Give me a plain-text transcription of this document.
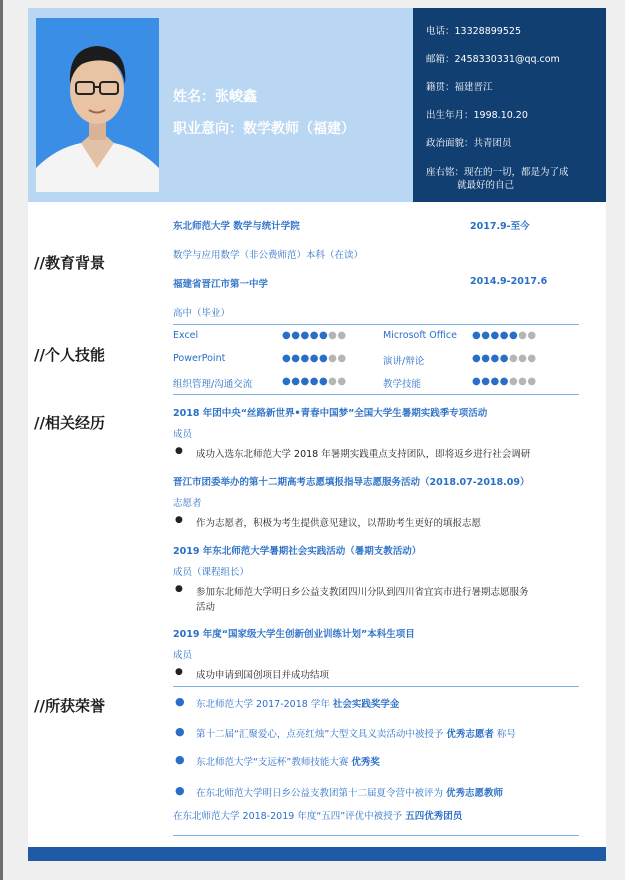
姓名：张峻鑫
职业意向：数学教师（福建）
电话：13328899525
邮箱：2458330331@qq.com
籍贯：福建晋江
出生年月：1998.10.20
政治面貌：共青团员
座右铭：现在的一切，都是为了成
就最好的自己
//教育背景
//个人技能
//相关经历
//所获荣誉
东北师范大学 数学与统计学院	2017.9-至今
数学与应用数学（非公费师范）本科（在读）
福建省晋江市第一中学	2014.9-2017.6
高中（毕业）
Excel	●●●●●●●	Microsoft Office ●●●●●●●
PowerPoint	●●●●●●●	演讲/辩论	●●●●●●●
组织管理/沟通交流	●●●●●●●	教学技能	●●●●●●●
2018 年团中央“丝路新世界•青春中国梦”全国大学生暑期实践季专项活动
成员
● 成功入选东北师范大学 2018 年暑期实践重点支持团队，即将返乡进行社会调研
晋江市团委举办的第十二期高考志愿填报指导志愿服务活动（2018.07-2018.09）
志愿者
● 作为志愿者，积极为考生提供意见建议，以帮助考生更好的填报志愿
2019 年东北师范大学暑期社会实践活动（暑期支教活动）
成员（课程组长）
● 参加东北师范大学明日乡公益支教团四川分队到四川省宜宾市进行暑期志愿服务
活动
2019 年度“国家级大学生创新创业训练计划”本科生项目
成员
● 成功申请到国创项目并成功结项
● 东北师范大学 2017-2018 学年 社会实践奖学金
● 第十二届“汇聚爱心，点亮红烛”大型文具义卖活动中被授予 优秀志愿者 称号
● 东北师范大学“支远杯”教师技能大赛 优秀奖
● 在东北师范大学明日乡公益支教团第十二届夏令营中被评为 优秀志愿教师
在东北师范大学 2018-2019 年度“五四”评优中被授予 五四优秀团员
